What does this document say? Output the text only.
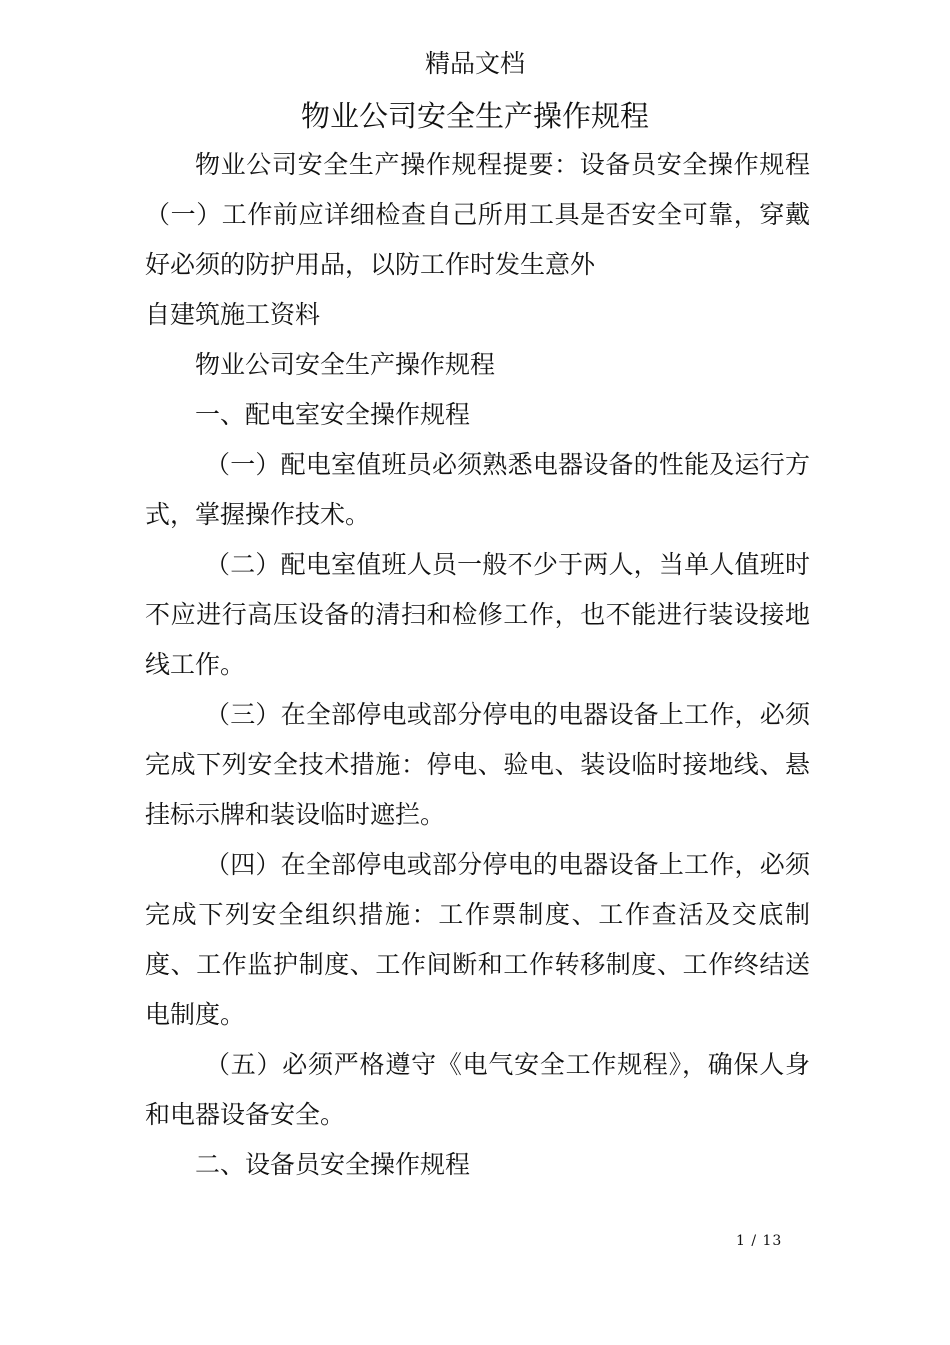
精品文档
物业公司安全生产操作规程

物业公司安全生产操作规程提要：设备员安全操作规程（一）工作前应详细检查自己所用工具是否安全可靠，穿戴好必须的防护用品，以防工作时发生意外

自建筑施工资料

物业公司安全生产操作规程

一、配电室安全操作规程

（一）配电室值班员必须熟悉电器设备的性能及运行方式，掌握操作技术。

（二）配电室值班人员一般不少于两人，当单人值班时不应进行高压设备的清扫和检修工作，也不能进行装设接地线工作。

（三）在全部停电或部分停电的电器设备上工作，必须完成下列安全技术措施：停电、验电、装设临时接地线、悬挂标示牌和装设临时遮拦。

（四）在全部停电或部分停电的电器设备上工作，必须完成下列安全组织措施：工作票制度、工作查活及交底制度、工作监护制度、工作间断和工作转移制度、工作终结送电制度。

（五）必须严格遵守《电气安全工作规程》，确保人身和电器设备安全。

二、设备员安全操作规程

1 / 13
